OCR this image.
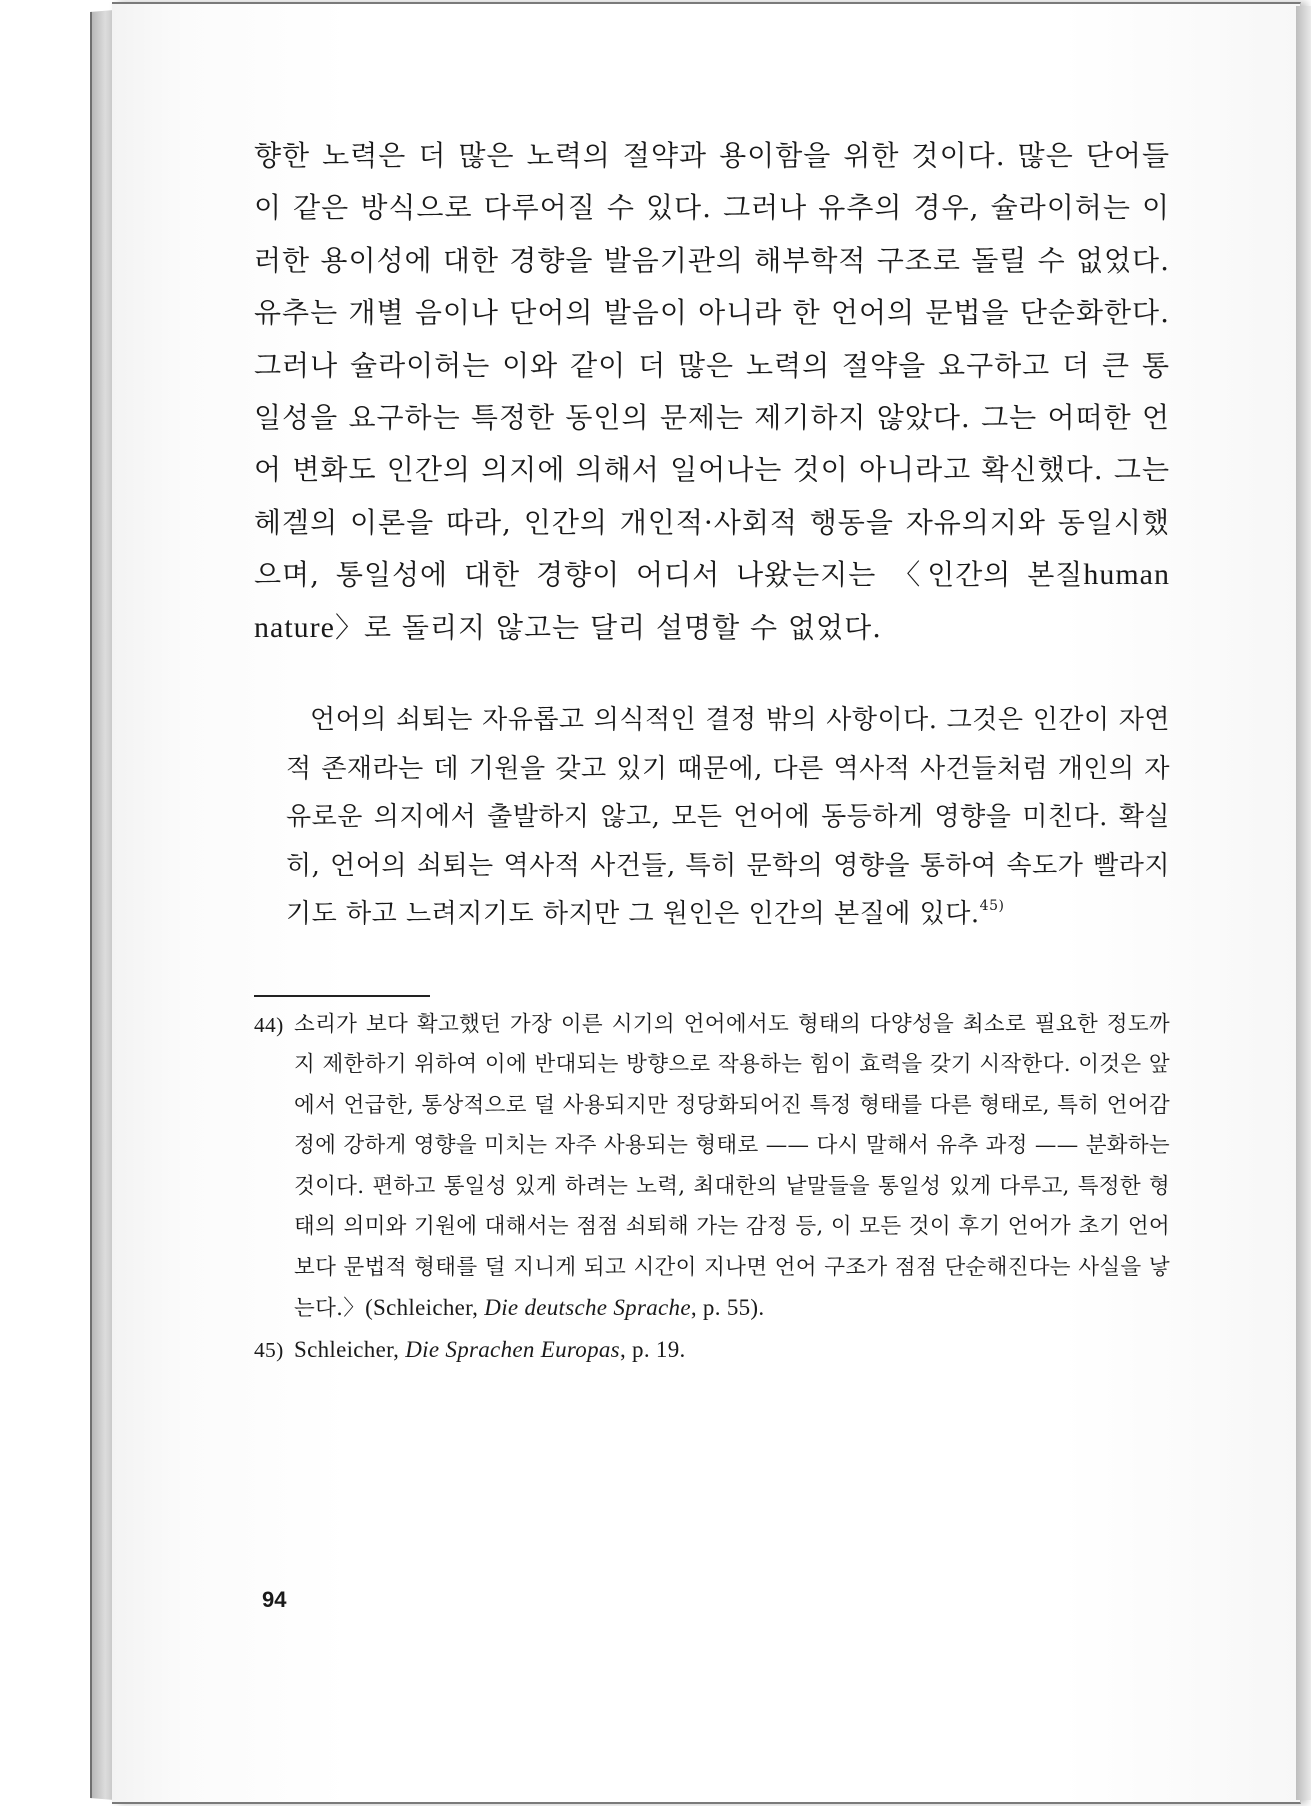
향한 노력은 더 많은 노력의 절약과 용이함을 위한 것이다. 많은 단어들이 같은 방식으로 다루어질 수 있다. 그러나 유추의 경우, 슐라이허는 이러한 용이성에 대한 경향을 발음기관의 해부학적 구조로 돌릴 수 없었다. 유추는 개별 음이나 단어의 발음이 아니라 한 언어의 문법을 단순화한다. 그러나 슐라이허는 이와 같이 더 많은 노력의 절약을 요구하고 더 큰 통일성을 요구하는 특정한 동인의 문제는 제기하지 않았다. 그는 어떠한 언어 변화도 인간의 의지에 의해서 일어나는 것이 아니라고 확신했다. 그는 헤겔의 이론을 따라, 인간의 개인적·사회적 행동을 자유의지와 동일시했으며, 통일성에 대한 경향이 어디서 나왔는지는 〈인간의 본질human nature〉로 돌리지 않고는 달리 설명할 수 없었다.

언어의 쇠퇴는 자유롭고 의식적인 결정 밖의 사항이다. 그것은 인간이 자연적 존재라는 데 기원을 갖고 있기 때문에, 다른 역사적 사건들처럼 개인의 자유로운 의지에서 출발하지 않고, 모든 언어에 동등하게 영향을 미친다. 확실히, 언어의 쇠퇴는 역사적 사건들, 특히 문학의 영향을 통하여 속도가 빨라지기도 하고 느려지기도 하지만 그 원인은 인간의 본질에 있다.$^{45)}$

44) 소리가 보다 확고했던 가장 이른 시기의 언어에서도 형태의 다양성을 최소로 필요한 정도까지 제한하기 위하여 이에 반대되는 방향으로 작용하는 힘이 효력을 갖기 시작한다. 이것은 앞에서 언급한, 통상적으로 덜 사용되지만 정당화되어진 특정 형태를 다른 형태로, 특히 언어감정에 강하게 영향을 미치는 자주 사용되는 형태로 —— 다시 말해서 유추 과정 —— 분화하는 것이다. 편하고 통일성 있게 하려는 노력, 최대한의 낱말들을 통일성 있게 다루고, 특정한 형태의 의미와 기원에 대해서는 점점 쇠퇴해 가는 감정 등, 이 모든 것이 후기 언어가 초기 언어보다 문법적 형태를 덜 지니게 되고 시간이 지나면 언어 구조가 점점 단순해진다는 사실을 낳는다.〉(Schleicher, Die deutsche Sprache, p. 55).
45) Schleicher, Die Sprachen Europas, p. 19.
94
